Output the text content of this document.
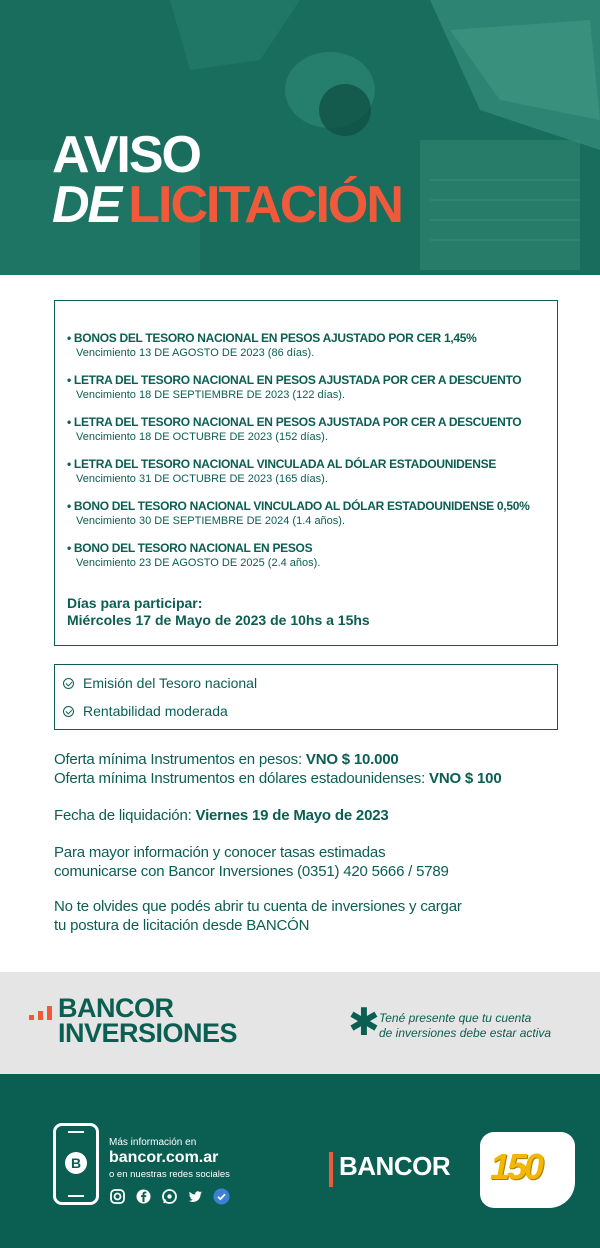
AVISO
DE LICITACIÓN
• BONOS DEL TESORO NACIONAL EN PESOS AJUSTADO POR CER 1,45%
Vencimiento 13 DE AGOSTO DE 2023 (86 días).
• LETRA DEL TESORO NACIONAL EN PESOS AJUSTADA POR CER A DESCUENTO
Vencimiento 18 DE SEPTIEMBRE DE 2023 (122 días).
• LETRA DEL TESORO NACIONAL EN PESOS AJUSTADA POR CER A DESCUENTO
Vencimiento 18 DE OCTUBRE DE 2023 (152 días).
• LETRA DEL TESORO NACIONAL VINCULADA AL DÓLAR ESTADOUNIDENSE
Vencimiento 31 DE OCTUBRE DE 2023 (165 días).
• BONO DEL TESORO NACIONAL VINCULADO AL DÓLAR ESTADOUNIDENSE 0,50%
Vencimiento 30 DE SEPTIEMBRE DE 2024 (1.4 años).
• BONO DEL TESORO NACIONAL EN PESOS
Vencimiento 23 DE AGOSTO DE 2025 (2.4 años).
Días para participar:
Miércoles 17 de Mayo de 2023 de 10hs a 15hs
Emisión del Tesoro nacional
Rentabilidad moderada
Oferta mínima Instrumentos en pesos: VNO $ 10.000
Oferta mínima Instrumentos en dólares estadounidenses: VNO $ 100
Fecha de liquidación: Viernes 19 de Mayo de 2023
Para mayor información y conocer tasas estimadas
comunicarse con Bancor Inversiones (0351) 420 5666 / 5789
No te olvides que podés abrir tu cuenta de inversiones y cargar
tu postura de licitación desde BANCÓN
BANCOR
INVERSIONES	✱ Tené presente que tu cuenta
de inversiones debe estar activa
B
Más información en
bancor.com.ar
o en nuestras redes sociales	BANCOR 150
